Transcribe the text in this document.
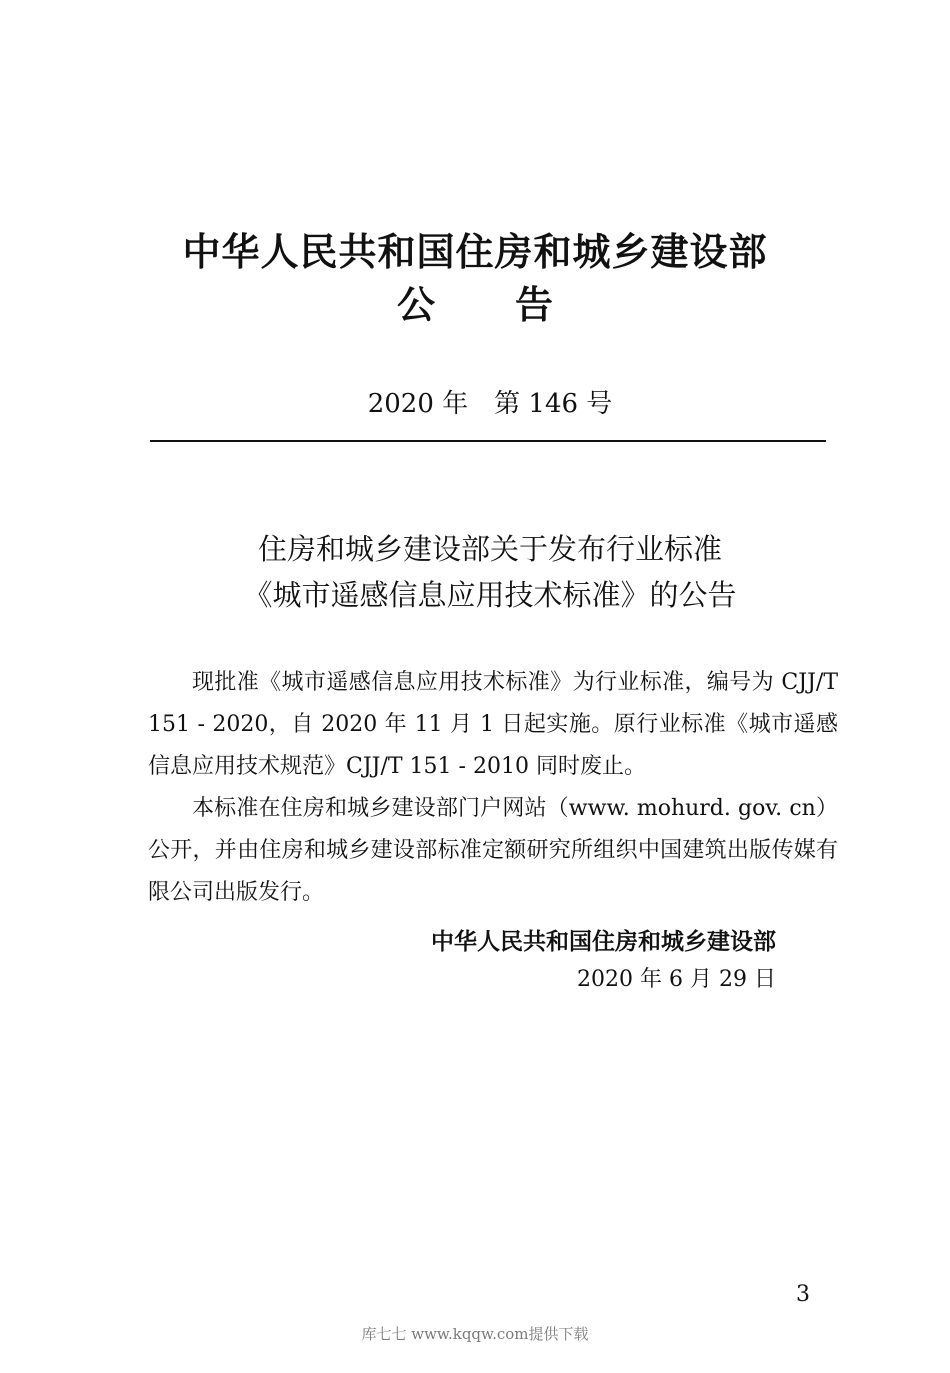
中华人民共和国住房和城乡建设部
公 告
2020 年　第 146 号
住房和城乡建设部关于发布行业标准
《城市遥感信息应用技术标准》的公告

现批准《城市遥感信息应用技术标准》为行业标准，编号为 CJJ/T 151 - 2020，自 2020 年 11 月 1 日起实施。原行业标准《城市遥感信息应用技术规范》CJJ/T 151 - 2010 同时废止。

本标准在住房和城乡建设部门户网站（www. mohurd. gov. cn）公开，并由住房和城乡建设部标准定额研究所组织中国建筑出版传媒有限公司出版发行。

中华人民共和国住房和城乡建设部
2020 年 6 月 29 日
3
库七七 www.kqqw.com提供下载
